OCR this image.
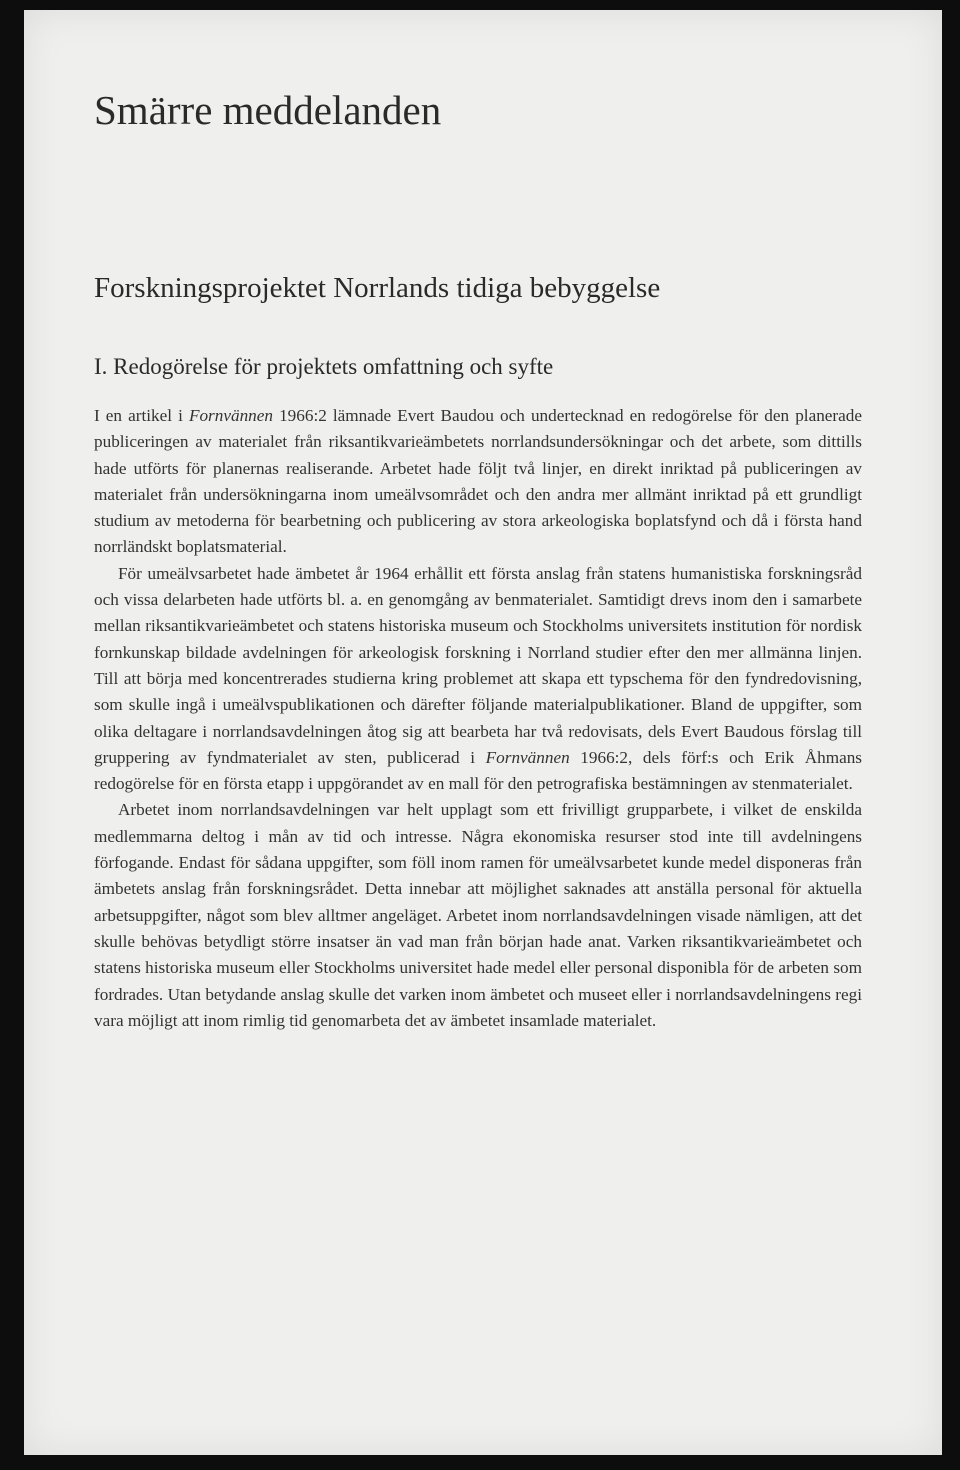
Smärre meddelanden
Forskningsprojektet Norrlands tidiga bebyggelse
I. Redogörelse för projektets omfattning och syfte

I en artikel i Fornvännen 1966:2 lämnade Evert Baudou och undertecknad en redogörelse för den planerade publiceringen av materialet från riksantikvarieämbetets norrlandsundersökningar och det arbete, som dittills hade utförts för planernas realiserande. Arbetet hade följt två linjer, en direkt inriktad på publiceringen av materialet från undersökningarna inom umeälvsområdet och den andra mer allmänt inriktad på ett grundligt studium av metoderna för bearbetning och publicering av stora arkeologiska boplatsfynd och då i första hand norrländskt boplatsmaterial.

För umeälvsarbetet hade ämbetet år 1964 erhållit ett första anslag från statens humanistiska forskningsråd och vissa delarbeten hade utförts bl. a. en genomgång av benmaterialet. Samtidigt drevs inom den i samarbete mellan riksantikvarieämbetet och statens historiska museum och Stockholms universitets institution för nordisk fornkunskap bildade avdelningen för arkeologisk forskning i Norrland studier efter den mer allmänna linjen. Till att börja med koncentrerades studierna kring problemet att skapa ett typschema för den fyndredovisning, som skulle ingå i umeälvspublikationen och därefter följande materialpublikationer. Bland de uppgifter, som olika deltagare i norrlandsavdelningen åtog sig att bearbeta har två redovisats, dels Evert Baudous förslag till gruppering av fyndmaterialet av sten, publicerad i Fornvännen 1966:2, dels förf:s och Erik Åhmans redogörelse för en första etapp i uppgörandet av en mall för den petrografiska bestämningen av stenmaterialet.

Arbetet inom norrlandsavdelningen var helt upplagt som ett frivilligt grupparbete, i vilket de enskilda medlemmarna deltog i mån av tid och intresse. Några ekonomiska resurser stod inte till avdelningens förfogande. Endast för sådana uppgifter, som föll inom ramen för umeälvsarbetet kunde medel disponeras från ämbetets anslag från forskningsrådet. Detta innebar att möjlighet saknades att anställa personal för aktuella arbetsuppgifter, något som blev alltmer angeläget. Arbetet inom norrlandsavdelningen visade nämligen, att det skulle behövas betydligt större insatser än vad man från början hade anat. Varken riksantikvarieämbetet och statens historiska museum eller Stockholms universitet hade medel eller personal disponibla för de arbeten som fordrades. Utan betydande anslag skulle det varken inom ämbetet och museet eller i norrlandsavdelningens regi vara möjligt att inom rimlig tid genomarbeta det av ämbetet insamlade materialet.
